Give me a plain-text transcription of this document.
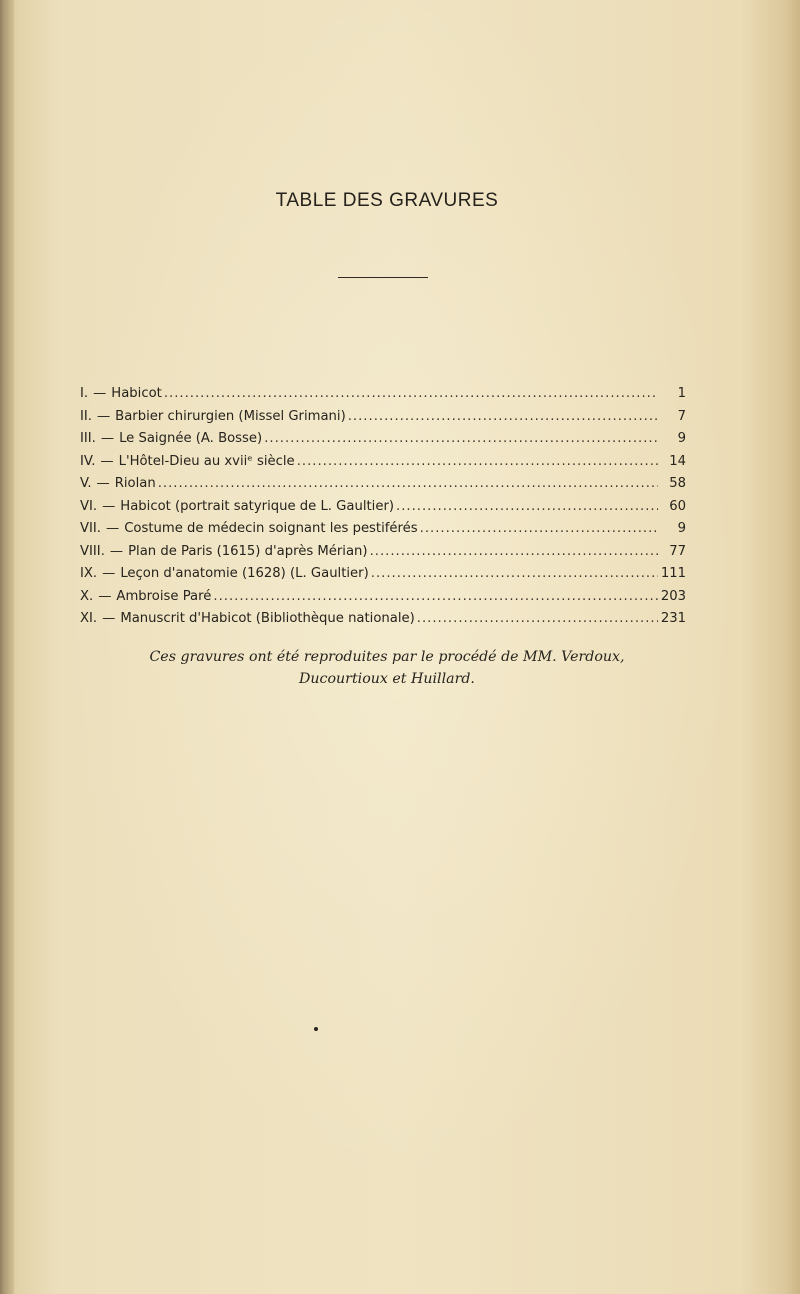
TABLE DES GRAVURES
I. — Habicot .....	1
II. — Barbier chirurgien (Missel Grimani) .....	7
III. — Le Saignée (A. Bosse) .....	9
IV. — L'Hôtel-Dieu au xviiᵉ siècle .....	14
V. — Riolan .....	58
VI. — Habicot (portrait satyrique de L. Gaultier) .....	60
VII. — Costume de médecin soignant les pestiférés .....	9
VIII. — Plan de Paris (1615) d'après Mérian) .....	77
IX. — Leçon d'anatomie (1628) (L. Gaultier) .....	111
X. — Ambroise Paré .....	203
XI. — Manuscrit d'Habicot (Bibliothèque nationale) .....	231
Ces gravures ont été reproduites par le procédé de MM. Verdoux,
Ducourtioux et Huillard.
